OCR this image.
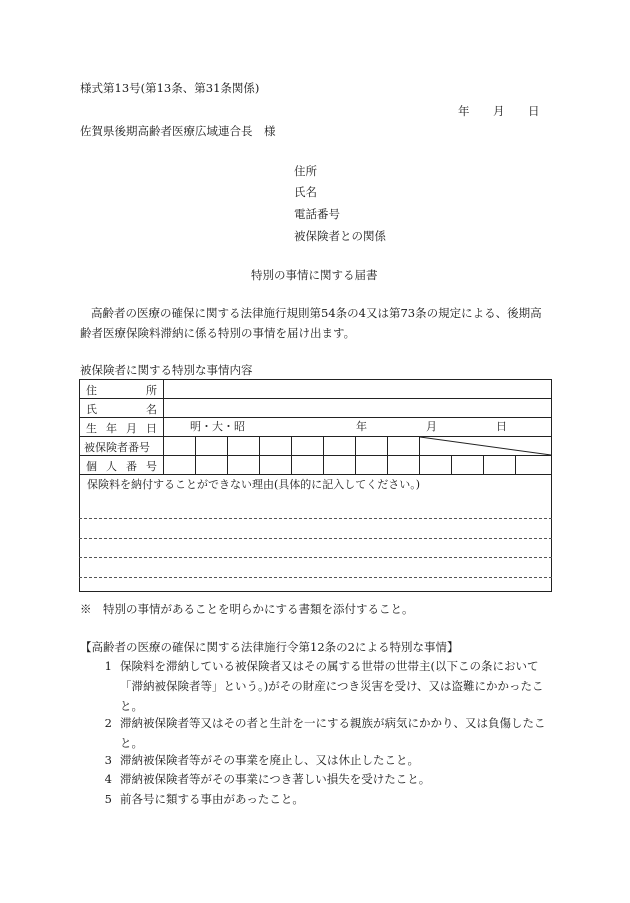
様式第13号(第13条、第31条関係)
年 月 日
佐賀県後期高齢者医療広域連合長　様
住所
氏名
電話番号
被保険者との関係
特別の事情に関する届書
高齢者の医療の確保に関する法律施行規則第54条の4又は第73条の規定による、後期高齢者医療保険料滞納に係る特別の事情を届け出ます。
被保険者に関する特別な事情内容
住 所												

氏 名												

生 年 月 日	明・大・昭 年 月 日											

被保険者番号

個 人 番 号												

保険料を納付することができない理由(具体的に記入してください。)												
※　特別の事情があることを明らかにする書類を添付すること。
【高齢者の医療の確保に関する法律施行令第12条の2による特別な事情】
1 保険料を滞納している被保険者又はその属する世帯の世帯主(以下この条において「滞納被保険者等」という。)がその財産につき災害を受け、又は盗難にかかったこと。
2 滞納被保険者等又はその者と生計を一にする親族が病気にかかり、又は負傷したこと。
3 滞納被保険者等がその事業を廃止し、又は休止したこと。
4 滞納被保険者等がその事業につき著しい損失を受けたこと。
5 前各号に類する事由があったこと。
